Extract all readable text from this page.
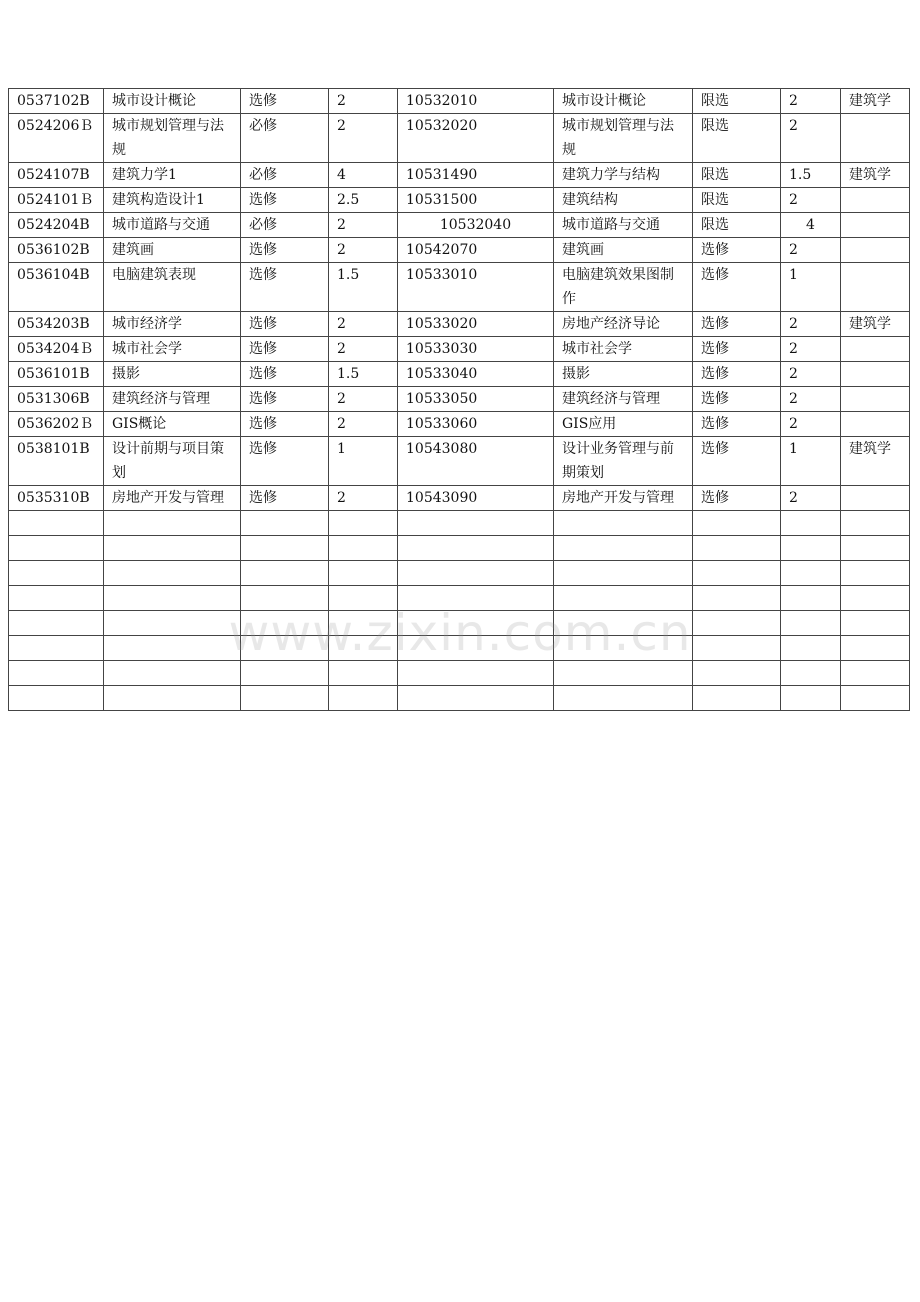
0537102B	城市设计概论	选修	2	10532010	城市设计概论	限选	2	建筑学
0524206Ｂ	城市规划管理与法规	必修	2	10532020	城市规划管理与法规	限选	2	
0524107B	建筑力学1	必修	4	10531490	建筑力学与结构	限选	1.5	建筑学
0524101Ｂ	建筑构造设计1	选修	2.5	10531500	建筑结构	限选	2	
0524204B	城市道路与交通	必修	2	10532040	城市道路与交通	限选	4	
0536102B	建筑画	选修	2	10542070	建筑画	选修	2	
0536104B	电脑建筑表现	选修	1.5	10533010	电脑建筑效果图制作	选修	1	
0534203B	城市经济学	选修	2	10533020	房地产经济导论	选修	2	建筑学
0534204Ｂ	城市社会学	选修	2	10533030	城市社会学	选修	2	
0536101B	摄影	选修	1.5	10533040	摄影	选修	2	
0531306B	建筑经济与管理	选修	2	10533050	建筑经济与管理	选修	2	
0536202Ｂ	GIS概论	选修	2	10533060	GIS应用	选修	2	
0538101B	设计前期与项目策划	选修	1	10543080	设计业务管理与前期策划	选修	1	建筑学
0535310B	房地产开发与管理	选修	2	10543090	房地产开发与管理	选修	2	

www.zixin.com.cn
